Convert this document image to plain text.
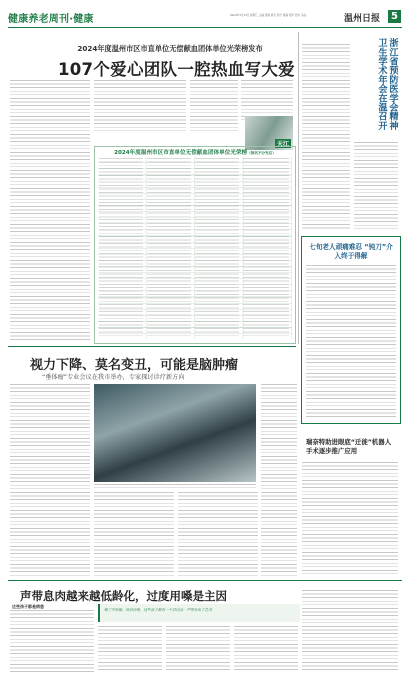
健康养老周刊·健康	2024年1月13日 星期三 主编 张晓 版式 孙宁 责编 郑萍 校对 马成	温州日报	5
2024年度温州市区市直单位无偿献血团体单位光荣榜发布
107个爱心团队一腔热血写大爱
天江
2024年度温州市区市直单位无偿献血团体单位光荣榜（排名不分先后）
浙江省预防医学会精神卫生学术年会在温召开
七旬老人顽痛难忍 “钝刀”介入终于得解
瑞奈特助进眼底“迁徙”机器人手术逐步推广应用
视力下降、莫名变丑，可能是脑肿瘤
“垂体瘤”专业会议在我市举办，专家探讨诊疗新方向
声带息肉越来越低龄化，过度用嗓是主因
这些孩子都是病患
嗓子不舒服、说话沙哑，这些孩子都有一个共同点：声带长出了息肉
